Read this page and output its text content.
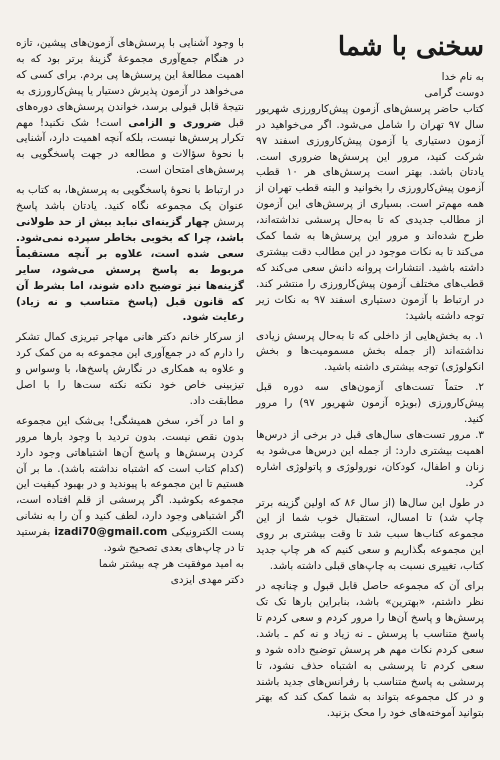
سخنی با شما

به نام خدا

دوست گرامی

کتاب حاضر پرسش‌های آزمون پیش‌کارورزی شهریور سال ۹۷ تهران را شامل می‌شود. اگر می‌خواهید در آزمون دستیاری یا آزمون پیش‌کارورزی اسفند ۹۷ شرکت کنید، مرور این پرسش‌ها ضروری است. یادتان باشد. بهتر است پرسش‌های هر ۱۰ قطب آزمون پیش‌کارورزی را بخوانید و البته قطب تهران از همه مهم‌تر است. بسیاری از پرسش‌های این آزمون از مطالب جدیدی که تا به‌حال پرسشی نداشته‌اند، طرح شده‌اند و مرور این پرسش‌ها به شما کمک می‌کند تا به نکات موجود در این مطالب دقت بیشتری داشته باشید. انتشارات پروانه دانش سعی می‌کند که قطب‌های مختلف آزمون پیش‌کارورزی را منتشر کند. در ارتباط با آزمون دستیاری اسفند ۹۷ به نکات زیر توجه داشته باشید:

۱. به بخش‌هایی از داخلی که تا به‌حال پرسش زیادی نداشته‌اند (از جمله بخش مسمومیت‌ها و بخش انکولوژی) توجه بیشتری داشته باشید.

۲. حتماً تست‌های آزمون‌های سه دوره قبل پیش‌کارورزی (بویژه آزمون شهریور ۹۷) را مرور کنید.

۳. مرور تست‌های سال‌های قبل در برخی از درس‌ها اهمیت بیشتری دارد: از جمله این درس‌ها می‌شود به زنان و اطفال، کودکان، نورولوژی و پاتولوژی اشاره کرد.

در طول این سال‌ها (از سال ۸۶ که اولین گزینه برتر چاپ شد) تا امسال، استقبال خوب شما از این مجموعه کتاب‌ها سبب شد تا وقت بیشتری بر روی این مجموعه بگذاریم و سعی کنیم که هر چاپ جدید کتاب، تغییری نسبت به چاپ‌های قبلی داشته باشد.

برای آن که مجموعه حاصل قابل قبول و چنانچه در نظر داشتم، «بهترین» باشد، بنابراین بارها تک تک پرسش‌ها و پاسخ آن‌ها را مرور کردم و سعی کردم تا پاسخ متناسب با پرسش ـ نه زیاد و نه کم ـ باشد. سعی کردم نکات مهم هر پرسش توضیح داده شود و سعی کردم تا پرسشی به اشتباه حذف نشود، تا پرسشی به پاسخ متناسب با رفرانس‌های جدید باشند و در کل مجموعه بتواند به شما کمک کند که بهتر بتوانید آموخته‌های خود را محک بزنید.

با وجود آشنایی با پرسش‌های آزمون‌های پیشین، تازه در هنگام جمع‌آوری مجموعهٔ گزینهٔ برتر بود که به اهمیت مطالعهٔ این پرسش‌ها پی بردم. برای کسی که می‌خواهد در آزمون پذیرش دستیار یا پیش‌کارورزی به نتیجهٔ قابل قبولی برسد، خواندن پرسش‌های دوره‌های قبل ضروری و الزامی است! شک نکنید! مهم تکرار پرسش‌ها نیست، بلکه آنچه اهمیت دارد، آشنایی با نحوهٔ سؤالات و مطالعه در جهت پاسخگویی به پرسش‌های امتحان است.

در ارتباط با نحوهٔ پاسخگویی به پرسش‌ها، به کتاب به عنوان یک مجموعه نگاه کنید. یادتان باشد پاسخ پرسش چهار گزینه‌ای نباید بیش از حد طولانی باشد، چرا که بخوبی بخاطر سپرده نمی‌شود. سعی شده است، علاوه بر آنچه مستقیماً مربوط به پاسخ پرسش می‌شود، سایر گزینه‌ها نیز توضیح داده شوند، اما بشرط آن که قانون قبل (پاسخ متناسب و نه زیاد) رعایت شود.

از سرکار خانم دکتر هانی مهاجر تبریزی کمال تشکر را دارم که در جمع‌آوری این مجموعه به من کمک کرد و علاوه به همکاری در نگارش پاسخ‌ها، با وسواس و تیزبینی خاص خود نکته نکته ست‌ها را با اصل مطابقت داد.

و اما در آخر، سخن همیشگی! بی‌شک این مجموعه بدون نقص نیست. بدون تردید با وجود بارها مرور کردن پرسش‌ها و پاسخ آن‌ها اشتباهاتی وجود دارد (کدام کتاب است که اشتباه نداشته باشد). ما بر آن هستیم تا این مجموعه با پیوندید و در بهبود کیفیت این مجموعه بکوشید. اگر پرسشی از قلم افتاده است، اگر اشتباهی وجود دارد، لطف کنید و آن را به نشانی پست الکترونیکی izadi70@gmail.com بفرستید تا در چاپ‌های بعدی تصحیح شود.

به امید موفقیت هر چه بیشتر شما

دکتر مهدی ایزدی
